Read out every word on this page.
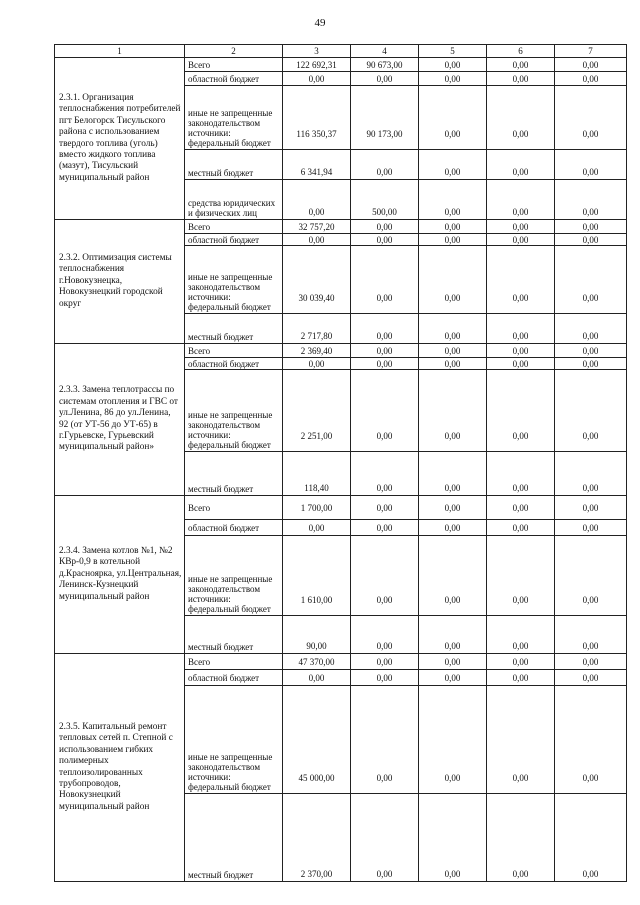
49
1	2	3	4	5	6	7
2.3.1. Организация теплоснабжения потребителей пгт Белогорск Тисульского района с использованием твердого топлива (уголь) вместо жидкого топлива (мазут), Тисульский муниципальный район	Всего	122 692,31	90 673,00	0,00	0,00	0,00
	областной бюджет	0,00	0,00	0,00	0,00	0,00
	иные не запрещенные законодательством источники: федеральный бюджет	116 350,37	90 173,00	0,00	0,00	0,00
	местный бюджет	6 341,94	0,00	0,00	0,00	0,00
	средства юридических и физических лиц	0,00	500,00	0,00	0,00	0,00
2.3.2. Оптимизация системы теплоснабжения г.Новокузнецка, Новокузнецкий городской округ	Всего	32 757,20	0,00	0,00	0,00	0,00
	областной бюджет	0,00	0,00	0,00	0,00	0,00
	иные не запрещенные законодательством источники: федеральный бюджет	30 039,40	0,00	0,00	0,00	0,00
	местный бюджет	2 717,80	0,00	0,00	0,00	0,00
2.3.3. Замена теплотрассы по системам отопления и ГВС от ул.Ленина, 86 до ул.Ленина, 92 (от УТ-56 до УТ-65) в г.Гурьевске, Гурьевский муниципальный район»	Всего	2 369,40	0,00	0,00	0,00	0,00
	областной бюджет	0,00	0,00	0,00	0,00	0,00
	иные не запрещенные законодательством источники: федеральный бюджет	2 251,00	0,00	0,00	0,00	0,00
	местный бюджет	118,40	0,00	0,00	0,00	0,00
2.3.4. Замена котлов №1, №2 КВр-0,9 в котельной д.Красноярка, ул.Центральная, Ленинск-Кузнецкий муниципальный район	Всего	1 700,00	0,00	0,00	0,00	0,00
	областной бюджет	0,00	0,00	0,00	0,00	0,00
	иные не запрещенные законодательством источники: федеральный бюджет	1 610,00	0,00	0,00	0,00	0,00
	местный бюджет	90,00	0,00	0,00	0,00	0,00
2.3.5. Капитальный ремонт тепловых сетей п. Степной с использованием гибких полимерных теплоизолированных трубопроводов, Новокузнецкий муниципальный район	Всего	47 370,00	0,00	0,00	0,00	0,00
	областной бюджет	0,00	0,00	0,00	0,00	0,00
	иные не запрещенные законодательством источники: федеральный бюджет	45 000,00	0,00	0,00	0,00	0,00
	местный бюджет	2 370,00	0,00	0,00	0,00	0,00
